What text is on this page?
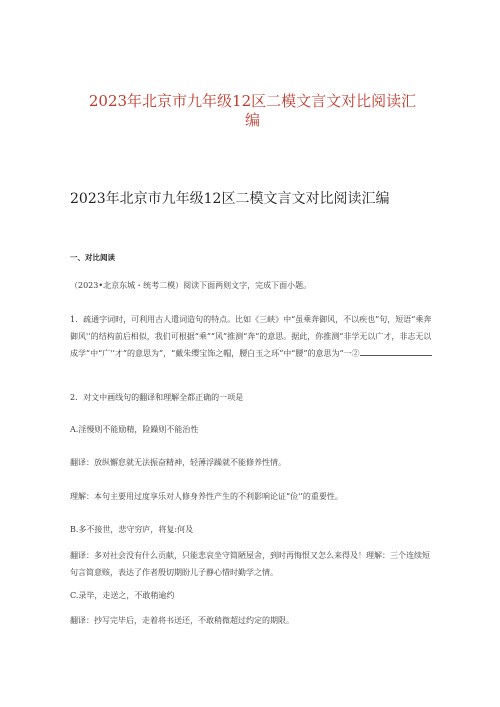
2023年北京市九年级12区二模文言文对比阅读汇
编
2023年北京市九年级12区二模文言文对比阅读汇编
一、对比阅读

（2023•北京东城・统考二模）阅读下面两则文字，完成下面小题。

1．疏通字词时，可利用古人遣词造句的特点。比如《三峡》中“虽乘奔御风，不以疾也”句，短语“乘奔御风'’的结构前后相似，我们可根据“乘”“风”推测“奔”的意思。据此，你推测“非学无以广才，非志无以成学”中“广'’才”的意思为”，“戴朱缨宝饰之帽，腰白玉之环”中“腰”的意思为“一②

2．对文中画线句的翻译和理解全都正确的一项是

A.淫慢则不能励精，险躁则不能治性

翻译：放纵懈怠就无法振奋精神，轻薄浮躁就不能修养性情。

理解：本句主要用过度享乐对人修身养性产生的不利影响论证“俭'’的重要性。

B.多不接世，悲守穷庐，将复:何及

翻译：多对社会没有什么贡献，只能悲哀坐守简陋屋舍，到时再悔恨又怎么来得及！理解：三个连续短句言简意赅，表达了作者殷切期盼儿子静心惜时勤学之情。

C.录毕，走送之，不敢稍逾约

翻译：抄写完毕后，走着将书送还，不敢稍微超过约定的期限。
